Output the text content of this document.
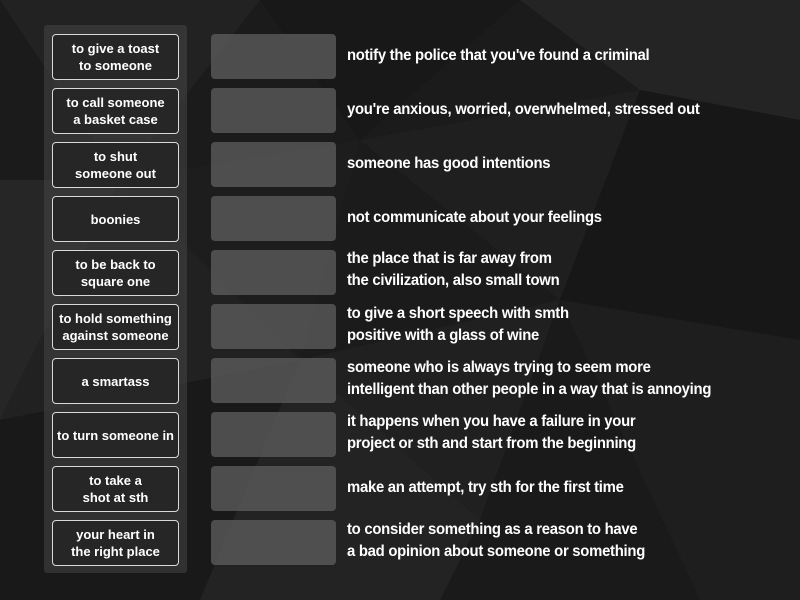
to give a toast
to someone
to call someone
a basket case
to shut
someone out
boonies
to be back to
square one
to hold something
against someone
a smartass
to turn someone in
to take a
shot at sth
your heart in
the right place
notify the police that you've found a criminal
you're anxious, worried, overwhelmed, stressed out
someone has good intentions
not communicate about your feelings
the place that is far away from
the civilization, also small town
to give a short speech with smth
positive with a glass of wine
someone who is always trying to seem more
intelligent than other people in a way that is annoying
it happens when you have a failure in your
project or sth and start from the beginning
make an attempt, try sth for the first time
to consider something as a reason to have
a bad opinion about someone or something
